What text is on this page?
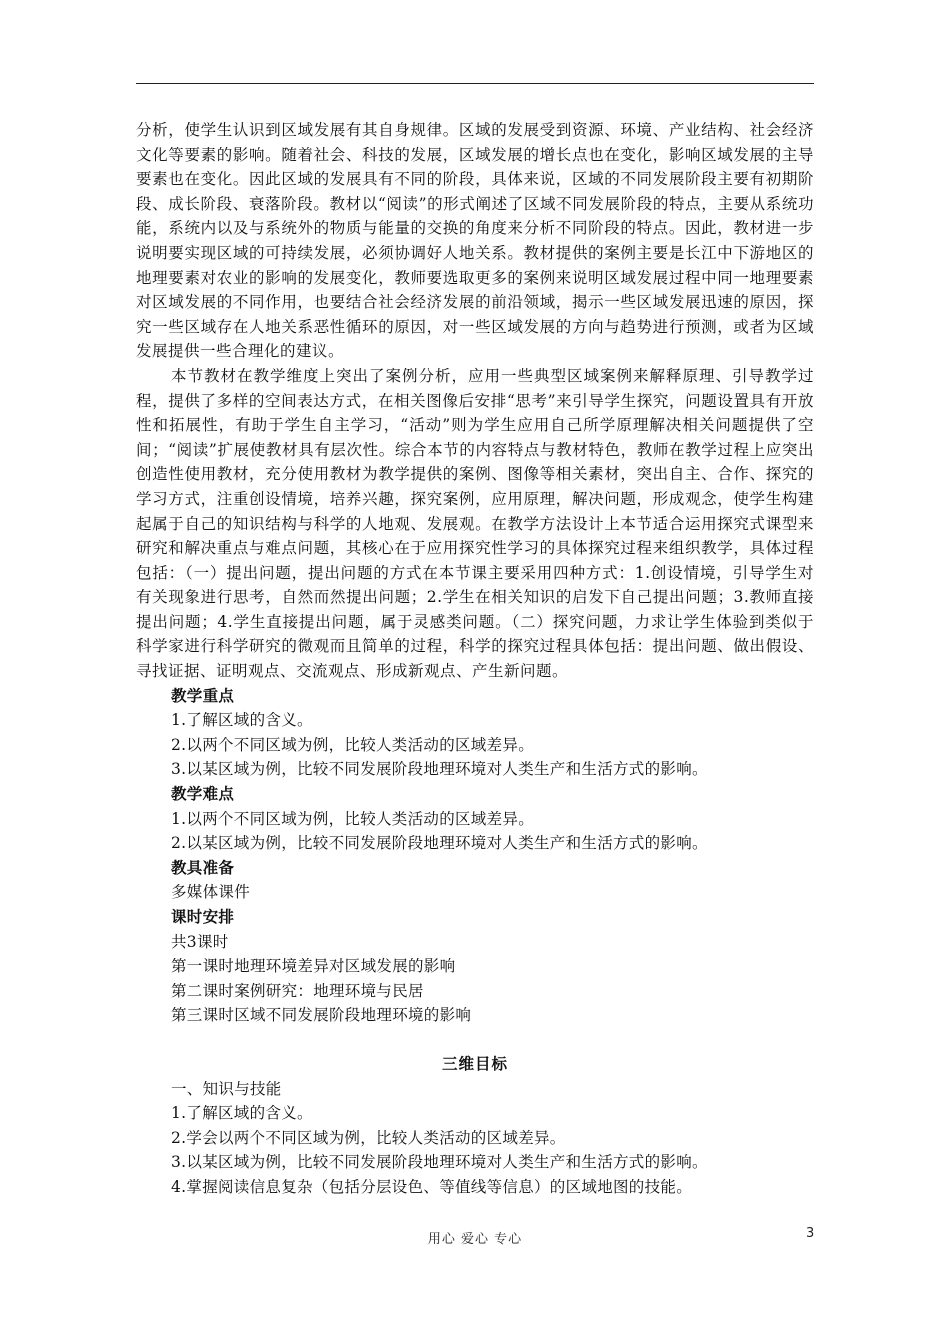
分析，使学生认识到区域发展有其自身规律。区域的发展受到资源、环境、产业结构、社会经济文化等要素的影响。随着社会、科技的发展，区域发展的增长点也在变化，影响区域发展的主导要素也在变化。因此区域的发展具有不同的阶段，具体来说，区域的不同发展阶段主要有初期阶段、成长阶段、衰落阶段。教材以“阅读”的形式阐述了区域不同发展阶段的特点，主要从系统功能，系统内以及与系统外的物质与能量的交换的角度来分析不同阶段的特点。因此，教材进一步说明要实现区域的可持续发展，必须协调好人地关系。教材提供的案例主要是长江中下游地区的地理要素对农业的影响的发展变化，教师要选取更多的案例来说明区域发展过程中同一地理要素对区域发展的不同作用，也要结合社会经济发展的前沿领域，揭示一些区域发展迅速的原因，探究一些区域存在人地关系恶性循环的原因，对一些区域发展的方向与趋势进行预测，或者为区域发展提供一些合理化的建议。

本节教材在教学维度上突出了案例分析，应用一些典型区域案例来解释原理、引导教学过程，提供了多样的空间表达方式，在相关图像后安排“思考”来引导学生探究，问题设置具有开放性和拓展性，有助于学生自主学习，“活动”则为学生应用自己所学原理解决相关问题提供了空间；“阅读”扩展使教材具有层次性。综合本节的内容特点与教材特色，教师在教学过程上应突出创造性使用教材，充分使用教材为教学提供的案例、图像等相关素材，突出自主、合作、探究的学习方式，注重创设情境，培养兴趣，探究案例，应用原理，解决问题，形成观念，使学生构建起属于自己的知识结构与科学的人地观、发展观。在教学方法设计上本节适合运用探究式课型来研究和解决重点与难点问题，其核心在于应用探究性学习的具体探究过程来组织教学，具体过程包括：（一）提出问题，提出问题的方式在本节课主要采用四种方式：1.创设情境，引导学生对有关现象进行思考，自然而然提出问题；2.学生在相关知识的启发下自己提出问题；3.教师直接提出问题；4.学生直接提出问题，属于灵感类问题。（二）探究问题，力求让学生体验到类似于科学家进行科学研究的微观而且简单的过程，科学的探究过程具体包括：提出问题、做出假设、寻找证据、证明观点、交流观点、形成新观点、产生新问题。

教学重点

1.了解区域的含义。

2.以两个不同区域为例，比较人类活动的区域差异。

3.以某区域为例，比较不同发展阶段地理环境对人类生产和生活方式的影响。

教学难点

1.以两个不同区域为例，比较人类活动的区域差异。

2.以某区域为例，比较不同发展阶段地理环境对人类生产和生活方式的影响。

教具准备

多媒体课件

课时安排

共3课时

第一课时地理环境差异对区域发展的影响

第二课时案例研究：地理环境与民居

第三课时区域不同发展阶段地理环境的影响

三维目标

一、知识与技能

1.了解区域的含义。

2.学会以两个不同区域为例，比较人类活动的区域差异。

3.以某区域为例，比较不同发展阶段地理环境对人类生产和生活方式的影响。

4.掌握阅读信息复杂（包括分层设色、等值线等信息）的区域地图的技能。

用心 爱心 专心	3
